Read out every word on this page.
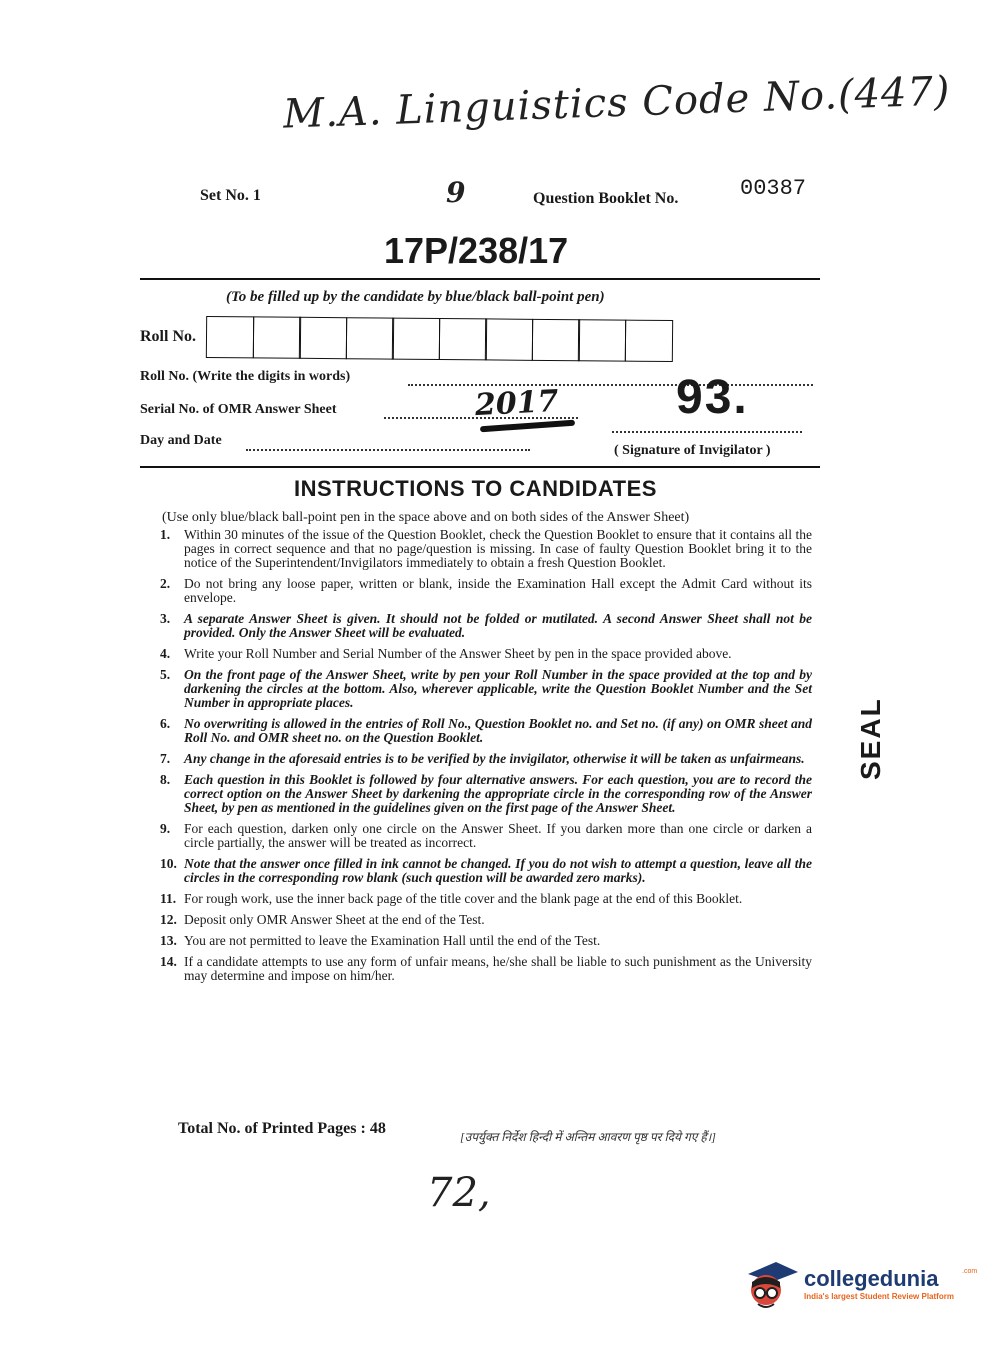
M.A. Linguistics Code No.(447)
Set No. 1	9	Question Booklet No.	00387
17P/238/17
(To be filled up by the candidate by blue/black ball-point pen)
Roll No.
Roll No. (Write the digits in words)
Serial No. of OMR Answer Sheet	2017 93.
Day and Date
( Signature of Invigilator )
INSTRUCTIONS TO CANDIDATES
(Use only blue/black ball-point pen in the space above and on both sides of the Answer Sheet)
1. Within 30 minutes of the issue of the Question Booklet, check the Question Booklet to ensure that it contains all the pages in correct sequence and that no page/question is missing. In case of faulty Question Booklet bring it to the notice of the Superintendent/Invigilators immediately to obtain a fresh Question Booklet.
2. Do not bring any loose paper, written or blank, inside the Examination Hall except the Admit Card without its envelope.
3. A separate Answer Sheet is given. It should not be folded or mutilated. A second Answer Sheet shall not be provided. Only the Answer Sheet will be evaluated.
4. Write your Roll Number and Serial Number of the Answer Sheet by pen in the space provided above.
5. On the front page of the Answer Sheet, write by pen your Roll Number in the space provided at the top and by darkening the circles at the bottom. Also, wherever applicable, write the Question Booklet Number and the Set Number in appropriate places.
6. No overwriting is allowed in the entries of Roll No., Question Booklet no. and Set no. (if any) on OMR sheet and Roll No. and OMR sheet no. on the Question Booklet.
7. Any change in the aforesaid entries is to be verified by the invigilator, otherwise it will be taken as unfairmeans.
8. Each question in this Booklet is followed by four alternative answers. For each question, you are to record the correct option on the Answer Sheet by darkening the appropriate circle in the corresponding row of the Answer Sheet, by pen as mentioned in the guidelines given on the first page of the Answer Sheet.
9. For each question, darken only one circle on the Answer Sheet. If you darken more than one circle or darken a circle partially, the answer will be treated as incorrect.
10. Note that the answer once filled in ink cannot be changed. If you do not wish to attempt a question, leave all the circles in the corresponding row blank (such question will be awarded zero marks).
11. For rough work, use the inner back page of the title cover and the blank page at the end of this Booklet.
12. Deposit only OMR Answer Sheet at the end of the Test.
13. You are not permitted to leave the Examination Hall until the end of the Test.
14. If a candidate attempts to use any form of unfair means, he/she shall be liable to such punishment as the University may determine and impose on him/her.
SEAL
Total No. of Printed Pages : 48	[उपर्युक्त निर्देश हिन्दी में अन्तिम आवरण पृष्ठ पर दिये गए हैं।]
72,
collegedunia	.com
India's largest Student Review Platform
